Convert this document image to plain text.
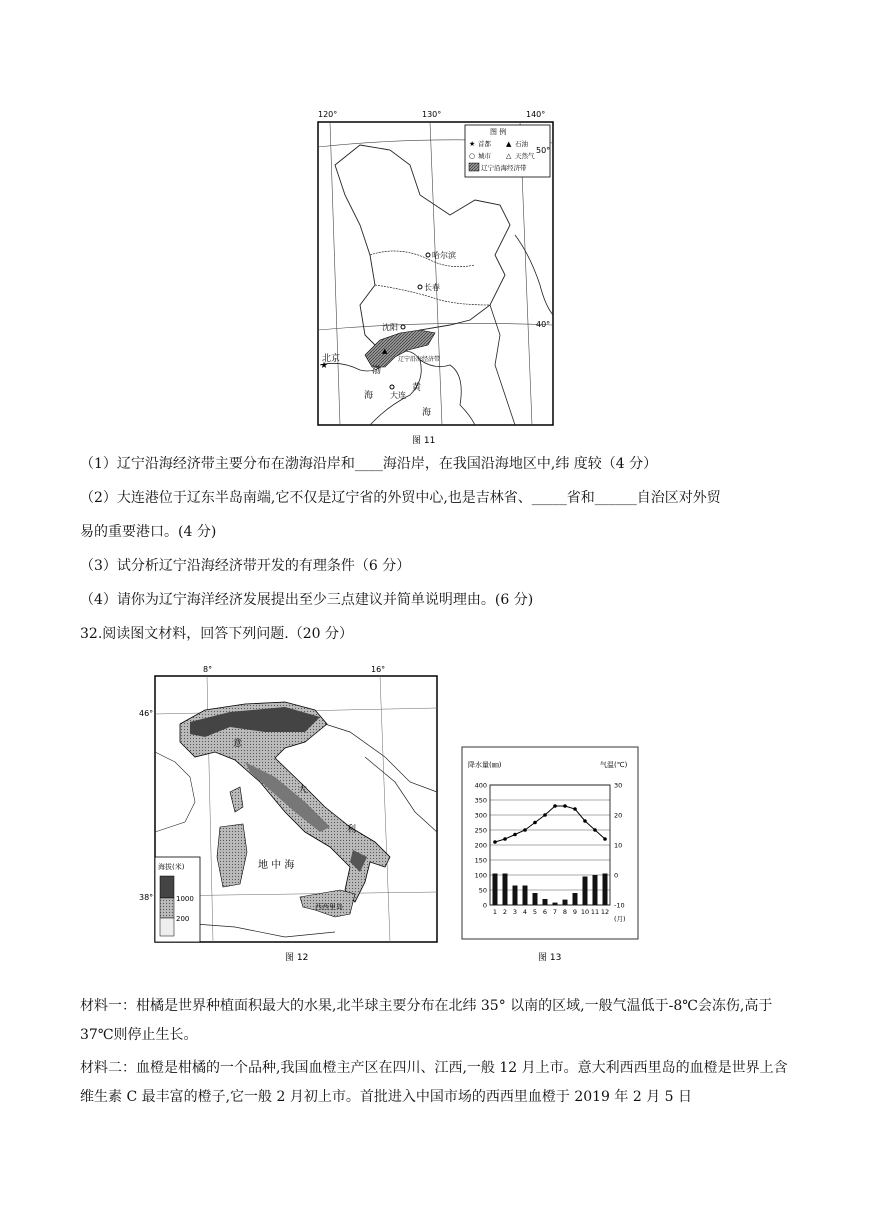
120°	130°	140°
图 例
★ 首都 ▲ 石油
○ 城市 △ 天然气
辽宁沿海经济带
50°
40°
哈尔滨
长春
沈阳
★
北京
大连
▲
辽宁沿海经济带
渤
海
黄
海
图 11
（1）辽宁沿海经济带主要分布在渤海沿岸和____海沿岸，在我国沿海地区中,纬 度较（4 分）
（2）大连港位于辽东半岛南端,它不仅是辽宁省的外贸中心,也是吉林省、_____省和______自治区对外贸
易的重要港口。(4 分)
（3）试分析辽宁沿海经济带开发的有理条件（6 分）
（4）请你为辽宁海洋经济发展提出至少三点建议并简单说明理由。(6 分)
32.阅读图文材料，回答下列问题.（20 分）
8°	16°
46°
38°
意
大
利
地 中 海
西西里岛
海拔(米)
1000
200
图 12
降水量(㎜)	气温(℃)
(月)
400
350
300
250
200
150
100
50
0
30
20
10
0
-10
1 2 3 4 5 6 7 8 9 10 11 12
图 13
材料一：柑橘是世界种植面积最大的水果,北半球主要分布在北纬 35° 以南的区域,一般气温低于-8℃会冻伤,高于 37℃则停止生长。
材料二：血橙是柑橘的一个品种,我国血橙主产区在四川、江西,一般 12 月上市。意大利西西里岛的血橙是世界上含维生素 C 最丰富的橙子,它一般 2 月初上市。首批进入中国市场的西西里血橙于 2019 年 2 月 5 日
